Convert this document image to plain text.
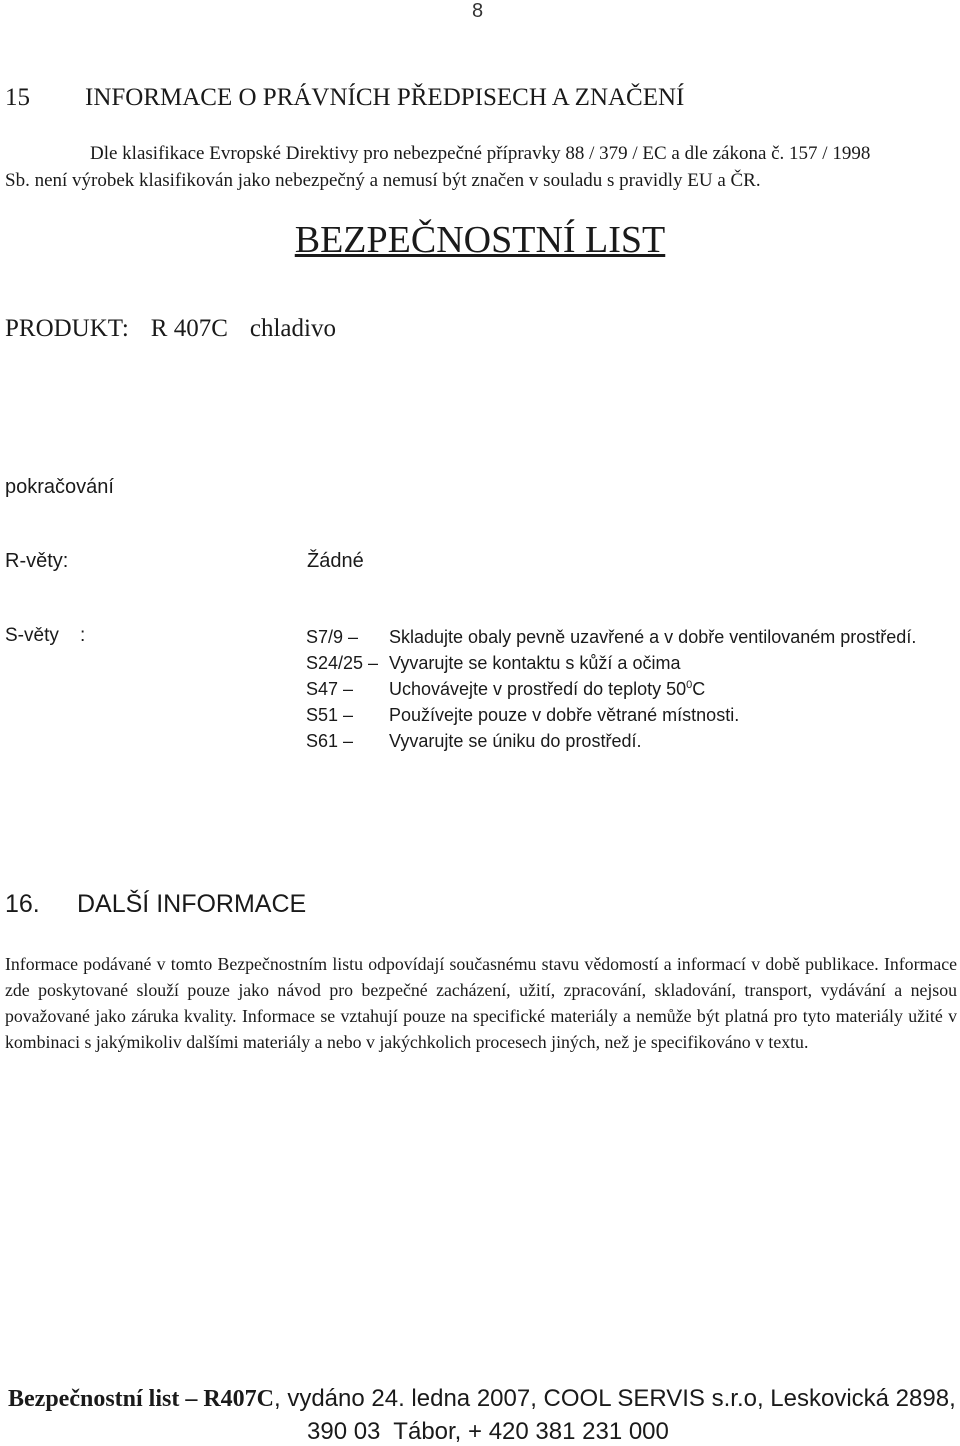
8
15 INFORMACE O PRÁVNÍCH PŘEDPISECH A ZNAČENÍ
Dle klasifikace Evropské Direktivy pro nebezpečné přípravky 88 / 379 / EC a dle zákona č. 157 / 1998
Sb. není výrobek klasifikován jako nebezpečný a nemusí být značen v souladu s pravidly EU a ČR.
BEZPEČNOSTNÍ LIST
PRODUKT: R 407C chladivo
pokračování
R-věty:	Žádné
S-věty    :	S7/9 – Skladujte obaly pevně uzavřené a v dobře ventilovaném prostředí.
S24/25 – Vyvarujte se kontaktu s kůží a očima
S47 – Uchovávejte v prostředí do teploty $50^0C$
S51 – Používejte pouze v dobře větrané místnosti.
S61 – Vyvarujte se úniku do prostředí.
16. DALŠÍ INFORMACE
Informace podávané v tomto Bezpečnostním listu odpovídají současnému stavu vědomostí a informací v době publikace. Informace zde poskytované slouží pouze jako návod pro bezpečné zacházení, užití, zpracování, skladování, transport, vydávání a nejsou považované jako záruka kvality. Informace se vztahují pouze na specifické materiály a nemůže být platná pro tyto materiály užité v kombinaci s jakýmikoliv dalšími materiály a nebo v jakýchkolich procesech jiných, než je specifikováno v textu.
Bezpečnostní list – R407C, vydáno 24. ledna 2007, COOL SERVIS s.r.o, Leskovická 2898,
390 03  Tábor, + 420 381 231 000
